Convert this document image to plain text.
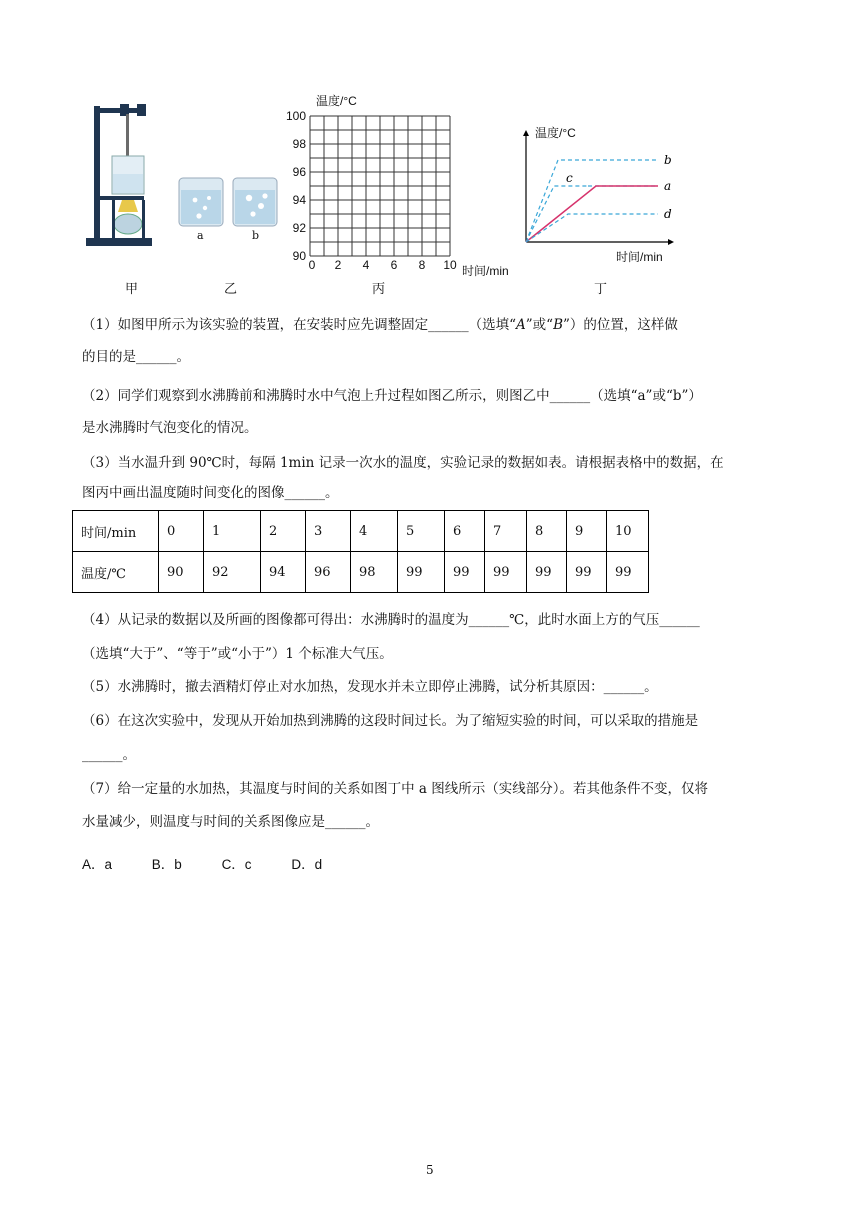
a	b
温度/°C
时间/min
100
98
96
94
92
90
0 2 4 6 8 10
温度/°C
时间/min
b
c
a
d
甲	乙	丙	丁
（1）如图甲所示为该实验的装置，在安装时应先调整固定______（选填“A”或“B”）的位置，这样做
的目的是______。
（2）同学们观察到水沸腾前和沸腾时水中气泡上升过程如图乙所示，则图乙中______（选填“a”或“b”）
是水沸腾时气泡变化的情况。
（3）当水温升到 90℃时，每隔 1min 记录一次水的温度，实验记录的数据如表。请根据表格中的数据，在
图丙中画出温度随时间变化的图像______。
时间/min	0	1	2	3	4	5	6	7	8	9	10
温度/℃	90	92	94	96	98	99	99	99	99	99	99
（4）从记录的数据以及所画的图像都可得出：水沸腾时的温度为______℃，此时水面上方的气压______
（选填“大于”、“等于”或“小于”）1 个标准大气压。
（5）水沸腾时，撤去酒精灯停止对水加热，发现水并未立即停止沸腾，试分析其原因：______。
（6）在这次实验中，发现从开始加热到沸腾的这段时间过长。为了缩短实验的时间，可以采取的措施是
______。
（7）给一定量的水加热，其温度与时间的关系如图丁中 a 图线所示（实线部分）。若其他条件不变，仅将
水量减少，则温度与时间的关系图像应是______。
A．a	B．b	C．c	D．d
5
